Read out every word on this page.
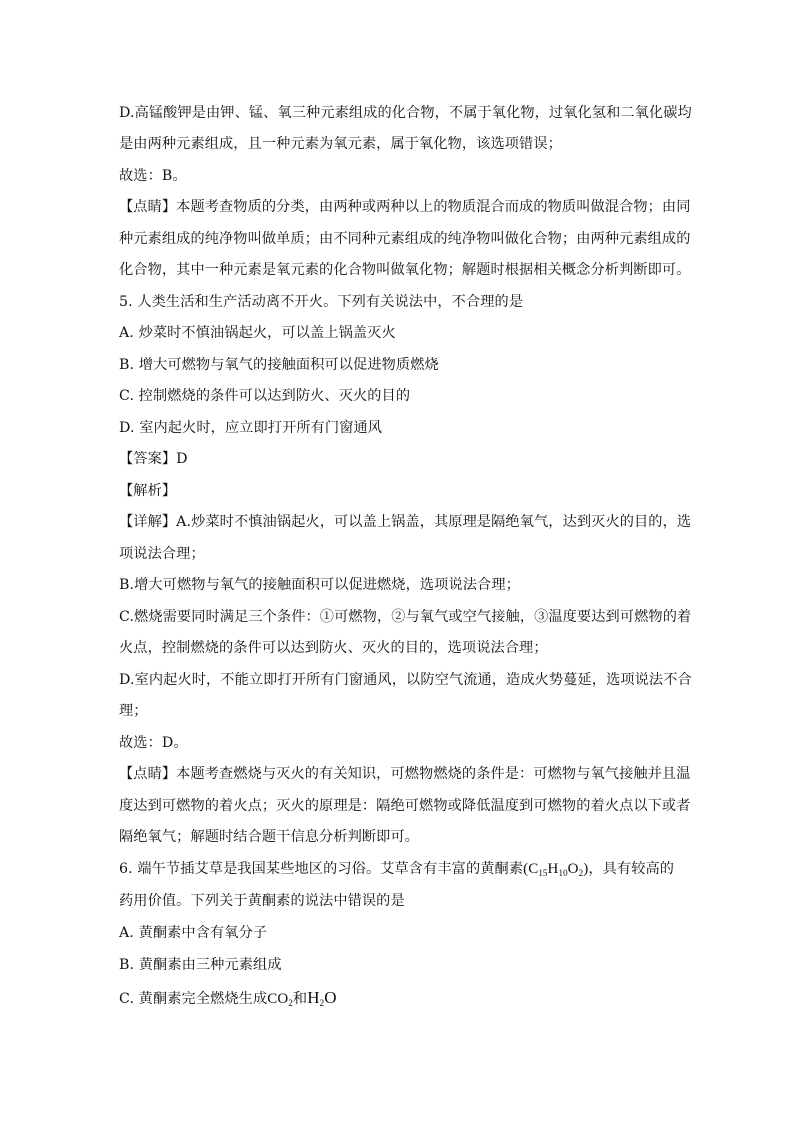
D.高锰酸钾是由钾、锰、氧三种元素组成的化合物，不属于氧化物，过氧化氢和二氧化碳均
是由两种元素组成，且一种元素为氧元素，属于氧化物，该选项错误；
故选：B。
【点睛】本题考查物质的分类，由两种或两种以上的物质混合而成的物质叫做混合物；由同
种元素组成的纯净物叫做单质；由不同种元素组成的纯净物叫做化合物；由两种元素组成的
化合物，其中一种元素是氧元素的化合物叫做氧化物；解题时根据相关概念分析判断即可。
5. 人类生活和生产活动离不开火。下列有关说法中，不合理的是
A. 炒菜时不慎油锅起火，可以盖上锅盖灭火
B. 增大可燃物与氧气的接触面积可以促进物质燃烧
C. 控制燃烧的条件可以达到防火、灭火的目的
D. 室内起火时，应立即打开所有门窗通风
【答案】D
【解析】
【详解】A.炒菜时不慎油锅起火，可以盖上锅盖，其原理是隔绝氧气，达到灭火的目的，选
项说法合理；
B.增大可燃物与氧气的接触面积可以促进燃烧，选项说法合理；
C.燃烧需要同时满足三个条件：①可燃物，②与氧气或空气接触，③温度要达到可燃物的着
火点，控制燃烧的条件可以达到防火、灭火的目的，选项说法合理；
D.室内起火时，不能立即打开所有门窗通风，以防空气流通，造成火势蔓延，选项说法不合
理；
故选：D。
【点睛】本题考查燃烧与灭火的有关知识，可燃物燃烧的条件是：可燃物与氧气接触并且温
度达到可燃物的着火点；灭火的原理是：隔绝可燃物或降低温度到可燃物的着火点以下或者
隔绝氧气；解题时结合题干信息分析判断即可。
6. 端午节插艾草是我国某些地区的习俗。艾草含有丰富的黄酮素$(C_{15}H_{10}O_2)$，具有较高的
药用价值。下列关于黄酮素的说法中错误的是
A. 黄酮素中含有氧分子
B. 黄酮素由三种元素组成
C. 黄酮素完全燃烧生成$CO_2$和$H_2O$
